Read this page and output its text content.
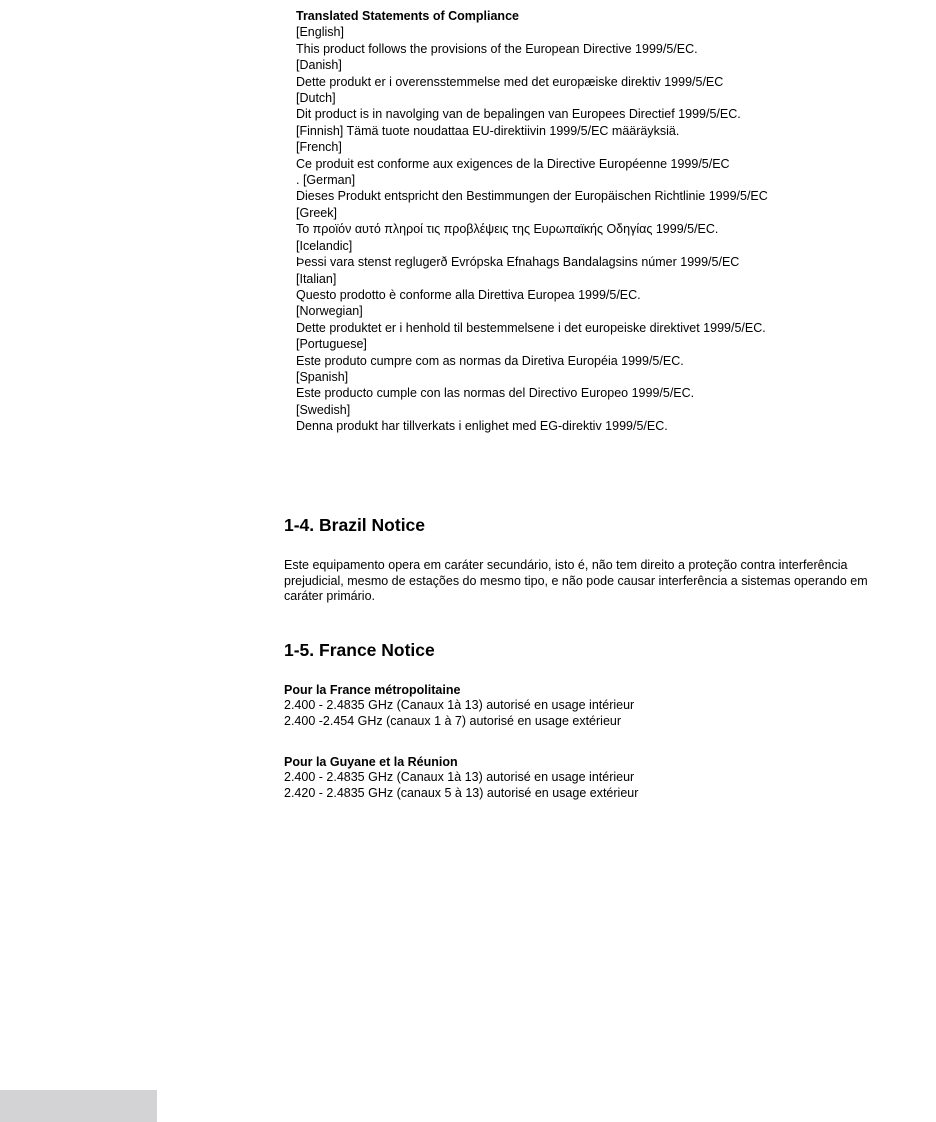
Translated Statements of Compliance
[English]
This product follows the provisions of the European Directive 1999/5/EC.
[Danish]
Dette produkt er i overensstemmelse med det europæiske direktiv 1999/5/EC
[Dutch]
Dit product is in navolging van de bepalingen van Europees Directief 1999/5/EC.
[Finnish] Tämä tuote noudattaa EU-direktiivin 1999/5/EC määräyksiä.
[French]
Ce produit est conforme aux exigences de la Directive Européenne 1999/5/EC
. [German]
Dieses Produkt entspricht den Bestimmungen der Europäischen Richtlinie 1999/5/EC
[Greek]
Το προϊόν αυτό πληροί τις προβλέψεις της Ευρωπαϊκής Οδηγίας 1999/5/EC.
[Icelandic]
Þessi vara stenst reglugerð Evrópska Efnahags Bandalagsins númer 1999/5/EC
[Italian]
Questo prodotto è conforme alla Direttiva Europea 1999/5/EC.
[Norwegian]
Dette produktet er i henhold til bestemmelsene i det europeiske direktivet 1999/5/EC.
[Portuguese]
Este produto cumpre com as normas da Diretiva Européia 1999/5/EC.
[Spanish]
Este producto cumple con las normas del Directivo Europeo 1999/5/EC.
[Swedish]
Denna produkt har tillverkats i enlighet med EG-direktiv 1999/5/EC.
1-4. Brazil Notice

Este equipamento opera em caráter secundário, isto é, não tem direito a proteção contra interferência prejudicial, mesmo de estações do mesmo tipo, e não pode causar interferência a sistemas operando em caráter primário.

1-5. France Notice
Pour la France métropolitaine
2.400 - 2.4835 GHz (Canaux 1à 13) autorisé en usage intérieur
2.400 -2.454 GHz (canaux 1 à 7) autorisé en usage extérieur
Pour la Guyane et la Réunion
2.400 - 2.4835 GHz (Canaux 1à 13) autorisé en usage intérieur
2.420 - 2.4835 GHz (canaux 5 à 13) autorisé en usage extérieur
